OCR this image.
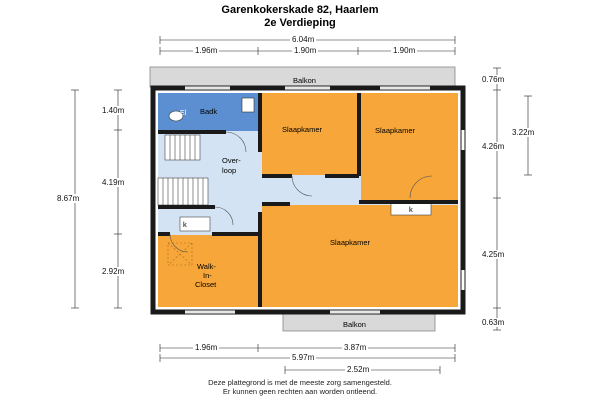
Garenkokerskade 82, Haarlem
2e Verdieping
El Badk
Slaapkamer	Slaapkamer
Slaapkamer
Over-
loop
Walk-
In-
Closet
Balkon
Balkon
k
k
6.04m
1.96m	1.90m	1.90m
1.96m	3.87m
5.97m
2.52m
8.67m
1.40m
4.19m
2.92m
0.76m
4.26m
4.25m
0.63m
3.22m
Deze plattegrond is met de meeste zorg samengesteld.
Er kunnen geen rechten aan worden ontleend.
